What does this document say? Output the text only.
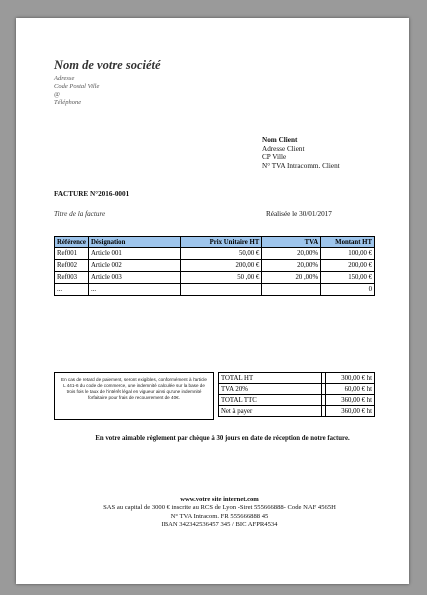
Nom de votre société
Adresse
Code Postal Ville
@
Téléphone
Nom Client
Adresse Client
CP Ville
N° TVA Intracomm. Client
FACTURE N°2016-0001
Titre de la facture	Réalisée le 30/01/2017
Référence	Désignation	Prix Unitaire HT	TVA	Montant HT
Ref001	Article 001	50,00 €	20,00%	100,00 €
Ref002	Article 002	200,00 €	20,00%	200,00 €
Ref003	Article 003	50 ,00 €	20 ,00%	150,00 €
...	...			0
En cas de retard de paiement, seront exigibles, conformément à l'article L 441-6 du code de commerce, une indemnité calculée sur la base de trois fois le taux de l'intérêt légal en vigueur ainsi qu'une indemnité forfaitaire pour frais de recouvrement de 40€.
TOTAL HT		300,00 € ht
TVA 20%		60,00 € ht
TOTAL TTC		360,00 € ht
Net à payer		360,00 € ht
En votre aimable règlement par chèque à 30 jours en date de réception de notre facture.
www.votre site internet.com
SAS au capital de 3000 € inscrite au RCS de Lyon -Siret 555666888- Code NAF 4565H
N° TVA Intracom. FR 555666888 45
IBAN 342342536457 345 / BIC AFPR4534
